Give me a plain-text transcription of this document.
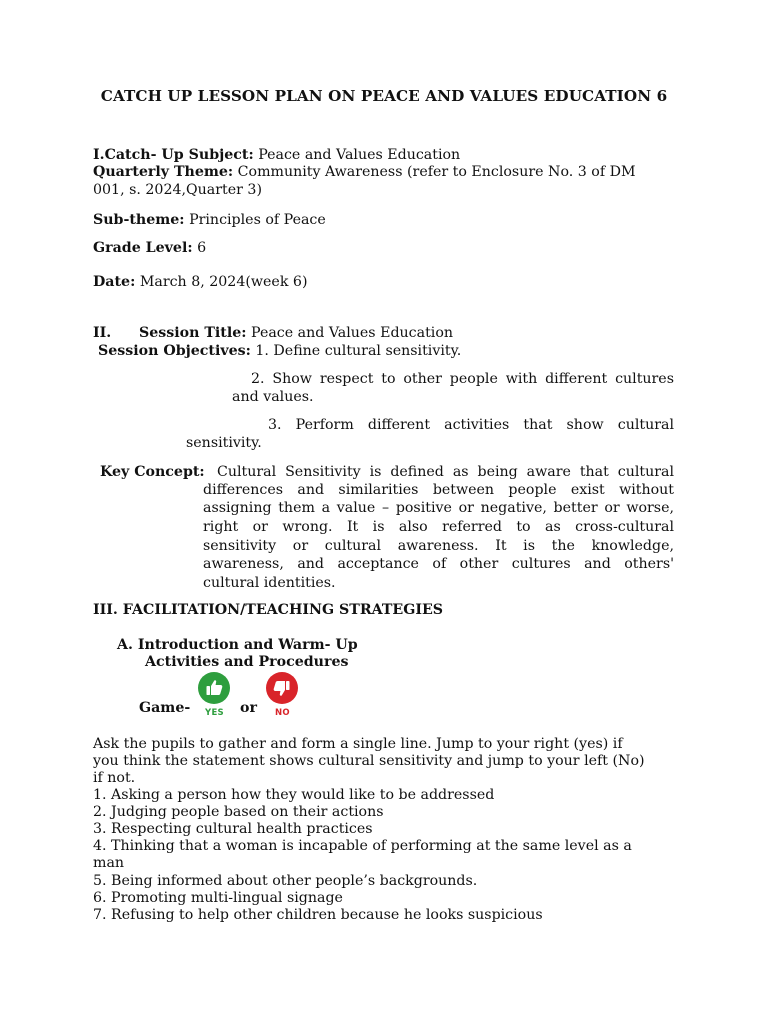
CATCH UP LESSON PLAN ON PEACE AND VALUES EDUCATION 6
I.Catch- Up Subject: Peace and Values Education
Quarterly Theme: Community Awareness (refer to Enclosure No. 3 of DM
001, s. 2024,Quarter 3)
Sub-theme: Principles of Peace
Grade Level: 6
Date: March 8, 2024(week 6)
II. Session Title: Peace and Values Education
Session Objectives: 1. Define cultural sensitivity.
2. Show respect to other people with different cultures
and values.
3. Perform different activities that show cultural
sensitivity.
Key Concept: Cultural Sensitivity is defined as being aware that cultural
differences and similarities between people exist without
assigning them a value – positive or negative, better or worse,
right or wrong. It is also referred to as cross-cultural
sensitivity or cultural awareness. It is the knowledge,
awareness, and acceptance of other cultures and others'
cultural identities.
III. FACILITATION/TEACHING STRATEGIES
A. Introduction and Warm- Up
Activities and Procedures
Game- YES or NO
Ask the pupils to gather and form a single line. Jump to your right (yes) if
you think the statement shows cultural sensitivity and jump to your left (No)
if not.
1. Asking a person how they would like to be addressed
2. Judging people based on their actions
3. Respecting cultural health practices
4. Thinking that a woman is incapable of performing at the same level as a
man
5. Being informed about other people’s backgrounds.
6. Promoting multi-lingual signage
7. Refusing to help other children because he looks suspicious
